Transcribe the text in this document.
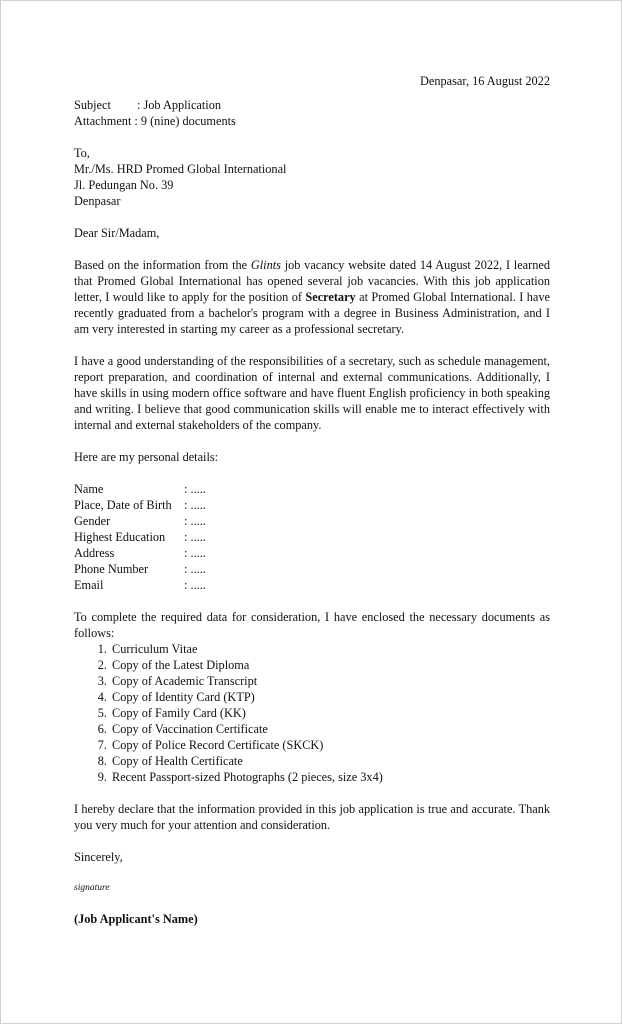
Denpasar, 16 August 2022

Subject	: Job Application
Attachment : 9 (nine) documents

To,

Mr./Ms. HRD Promed Global International

Jl. Pedungan No. 39

Denpasar

Dear Sir/Madam,

Based on the information from the Glints job vacancy website dated 14 August 2022, I learned that Promed Global International has opened several job vacancies. With this job application letter, I would like to apply for the position of Secretary at Promed Global International. I have recently graduated from a bachelor's program with a degree in Business Administration, and I am very interested in starting my career as a professional secretary.

I have a good understanding of the responsibilities of a secretary, such as schedule management, report preparation, and coordination of internal and external communications. Additionally, I have skills in using modern office software and have fluent English proficiency in both speaking and writing. I believe that good communication skills will enable me to interact effectively with internal and external stakeholders of the company.

Here are my personal details:

Name	: .....
Place, Date of Birth	: .....
Gender	: .....
Highest Education	: .....
Address	: .....
Phone Number	: .....
Email	: .....

To complete the required data for consideration, I have enclosed the necessary documents as follows:

1. Curriculum Vitae
2. Copy of the Latest Diploma
3. Copy of Academic Transcript
4. Copy of Identity Card (KTP)
5. Copy of Family Card (KK)
6. Copy of Vaccination Certificate
7. Copy of Police Record Certificate (SKCK)
8. Copy of Health Certificate
9. Recent Passport-sized Photographs (2 pieces, size 3x4)

I hereby declare that the information provided in this job application is true and accurate. Thank you very much for your attention and consideration.

Sincerely,

signature

(Job Applicant's Name)
